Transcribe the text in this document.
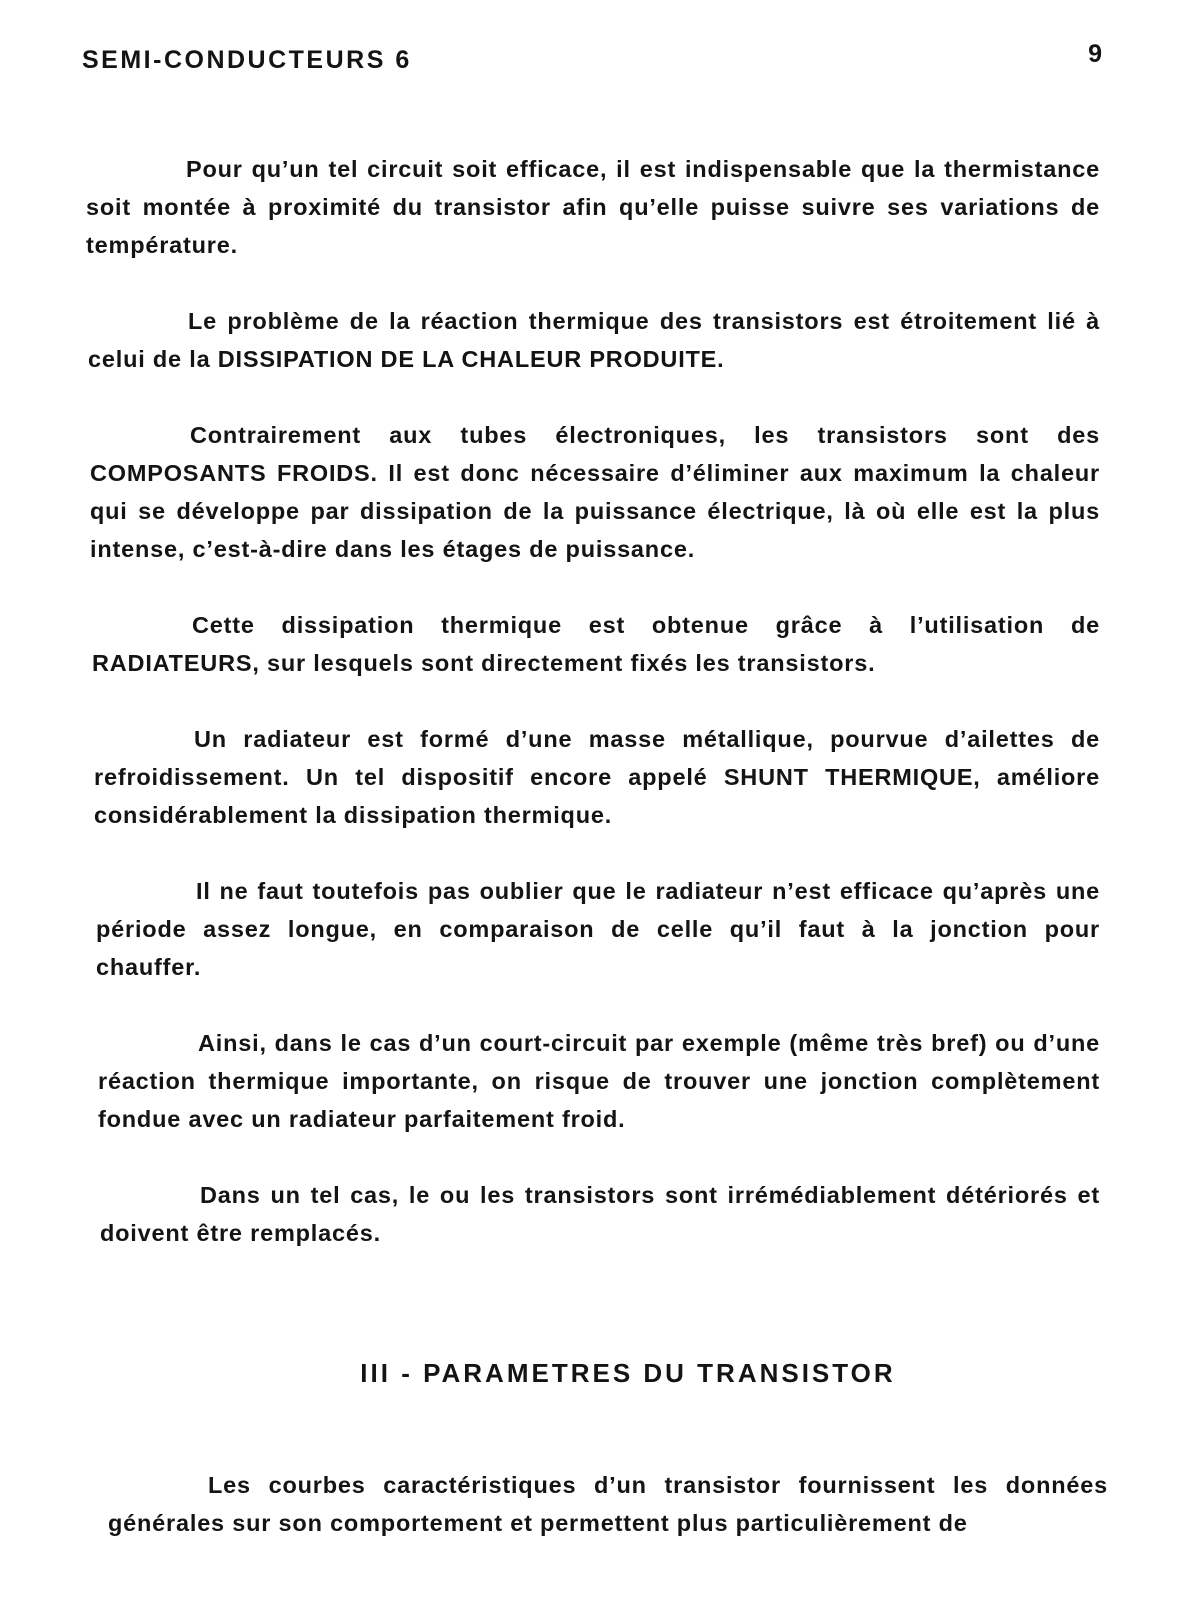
SEMI-CONDUCTEURS 6	9

Pour qu’un tel circuit soit efficace, il est indispensable que la thermistance soit montée à proximité du transistor afin qu’elle puisse suivre ses variations de température.

Le problème de la réaction thermique des transistors est étroitement lié à celui de la DISSIPATION DE LA CHALEUR PRODUITE.

Contrairement aux tubes électroniques, les transistors sont des COMPOSANTS FROIDS. Il est donc nécessaire d’éliminer aux maximum la chaleur qui se développe par dissipation de la puissance électrique, là où elle est la plus intense, c’est-à-dire dans les étages de puissance.

Cette dissipation thermique est obtenue grâce à l’utilisation de RADIATEURS, sur lesquels sont directement fixés les transistors.

Un radiateur est formé d’une masse métallique, pourvue d’ailettes de refroidissement. Un tel dispositif encore appelé SHUNT THERMIQUE, améliore considérablement la dissipation thermique.

Il ne faut toutefois pas oublier que le radiateur n’est efficace qu’après une période assez longue, en comparaison de celle qu’il faut à la jonction pour chauffer.

Ainsi, dans le cas d’un court-circuit par exemple (même très bref) ou d’une réaction thermique importante, on risque de trouver une jonction complètement fondue avec un radiateur parfaitement froid.

Dans un tel cas, le ou les transistors sont irrémédiablement détériorés et doivent être remplacés.

III - PARAMETRES DU TRANSISTOR

Les courbes caractéristiques d’un transistor fournissent les données générales sur son comportement et permettent plus particulièrement de
